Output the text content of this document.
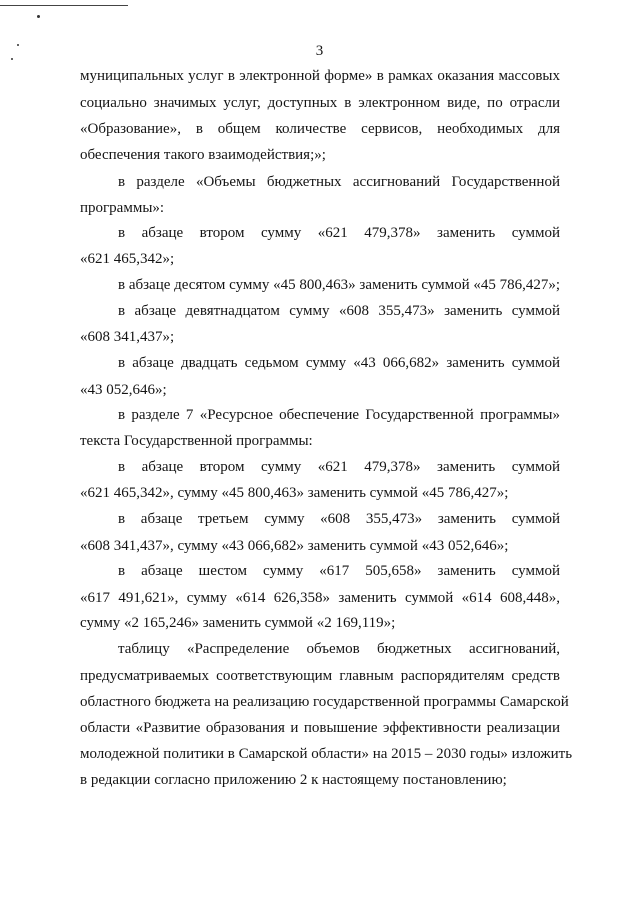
3
муниципальных услуг в электронной форме» в рамках оказания массовых
социально значимых услуг, доступных в электронном виде, по отрасли
«Образование», в общем количестве сервисов, необходимых для
обеспечения такого взаимодействия;»;
в разделе «Объемы бюджетных ассигнований Государственной
программы»:
в абзаце втором сумму «621 479,378» заменить суммой
«621 465,342»;
в абзаце десятом сумму «45 800,463» заменить суммой «45 786,427»;
в абзаце девятнадцатом сумму «608 355,473» заменить суммой
«608 341,437»;
в абзаце двадцать седьмом сумму «43 066,682» заменить суммой
«43 052,646»;
в разделе 7 «Ресурсное обеспечение Государственной программы»
текста Государственной программы:
в абзаце втором сумму «621 479,378» заменить суммой
«621 465,342», сумму «45 800,463» заменить суммой «45 786,427»;
в абзаце третьем сумму «608 355,473» заменить суммой
«608 341,437», сумму «43 066,682» заменить суммой «43 052,646»;
в абзаце шестом сумму «617 505,658» заменить суммой
«617 491,621», сумму «614 626,358» заменить суммой «614 608,448»,
сумму «2 165,246» заменить суммой «2 169,119»;
таблицу «Распределение объемов бюджетных ассигнований,
предусматриваемых соответствующим главным распорядителям средств
областного бюджета на реализацию государственной программы Самарской
области «Развитие образования и повышение эффективности реализации
молодежной политики в Самарской области» на 2015 – 2030 годы» изложить
в редакции согласно приложению 2 к настоящему постановлению;
